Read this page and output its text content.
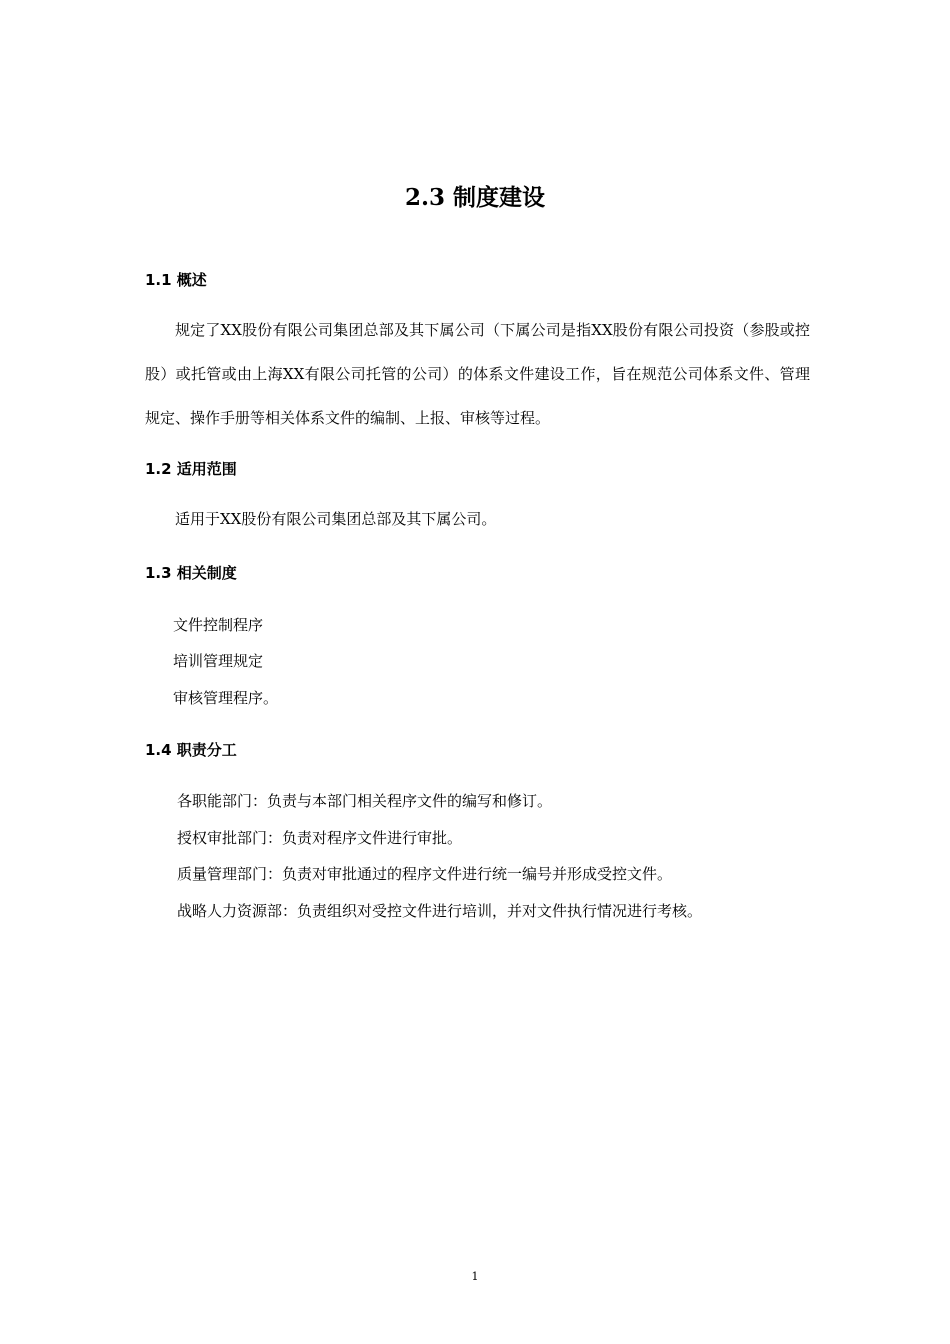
2.3 制度建设
1.1 概述

规定了XX股份有限公司集团总部及其下属公司（下属公司是指XX股份有限公司投资（参股或控股）或托管或由上海XX有限公司托管的公司）的体系文件建设工作，旨在规范公司体系文件、管理规定、操作手册等相关体系文件的编制、上报、审核等过程。

1.2 适用范围

适用于XX股份有限公司集团总部及其下属公司。

1.3 相关制度

文件控制程序

培训管理规定

审核管理程序。

1.4 职责分工

各职能部门：负责与本部门相关程序文件的编写和修订。

授权审批部门：负责对程序文件进行审批。

质量管理部门：负责对审批通过的程序文件进行统一编号并形成受控文件。

战略人力资源部：负责组织对受控文件进行培训，并对文件执行情况进行考核。

1
